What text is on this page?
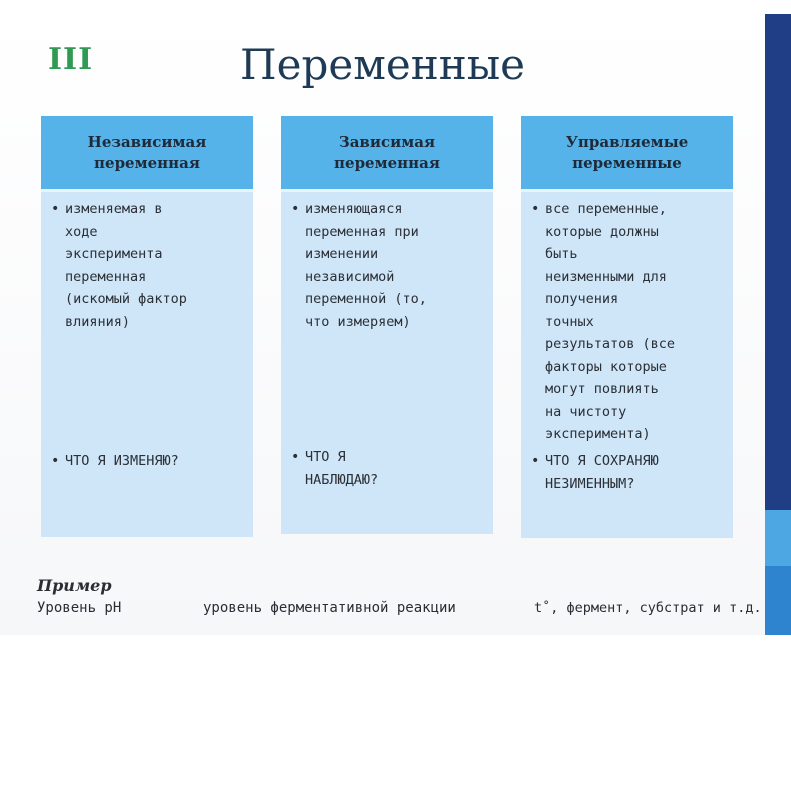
III	Переменные
Независимая
переменная
• изменяемая в
ходе
эксперимента
переменная
(искомый фактор
влияния)
• ЧТО Я ИЗМЕНЯЮ?
Зависимая
переменная
• изменяющаяся
переменная при
изменении
независимой
переменной (то,
что измеряем)
• ЧТО Я
НАБЛЮДАЮ?
Управляемые
переменные
• все переменные,
которые должны
быть
неизменными для
получения
точных
результатов (все
факторы которые
могут повлиять
на чистоту
эксперимента)
• ЧТО Я СОХРАНЯЮ
НЕЗИМЕННЫМ?
Пример
Уровень рН	уровень ферментативной реакции	t˚, фермент, субстрат и т.д.
